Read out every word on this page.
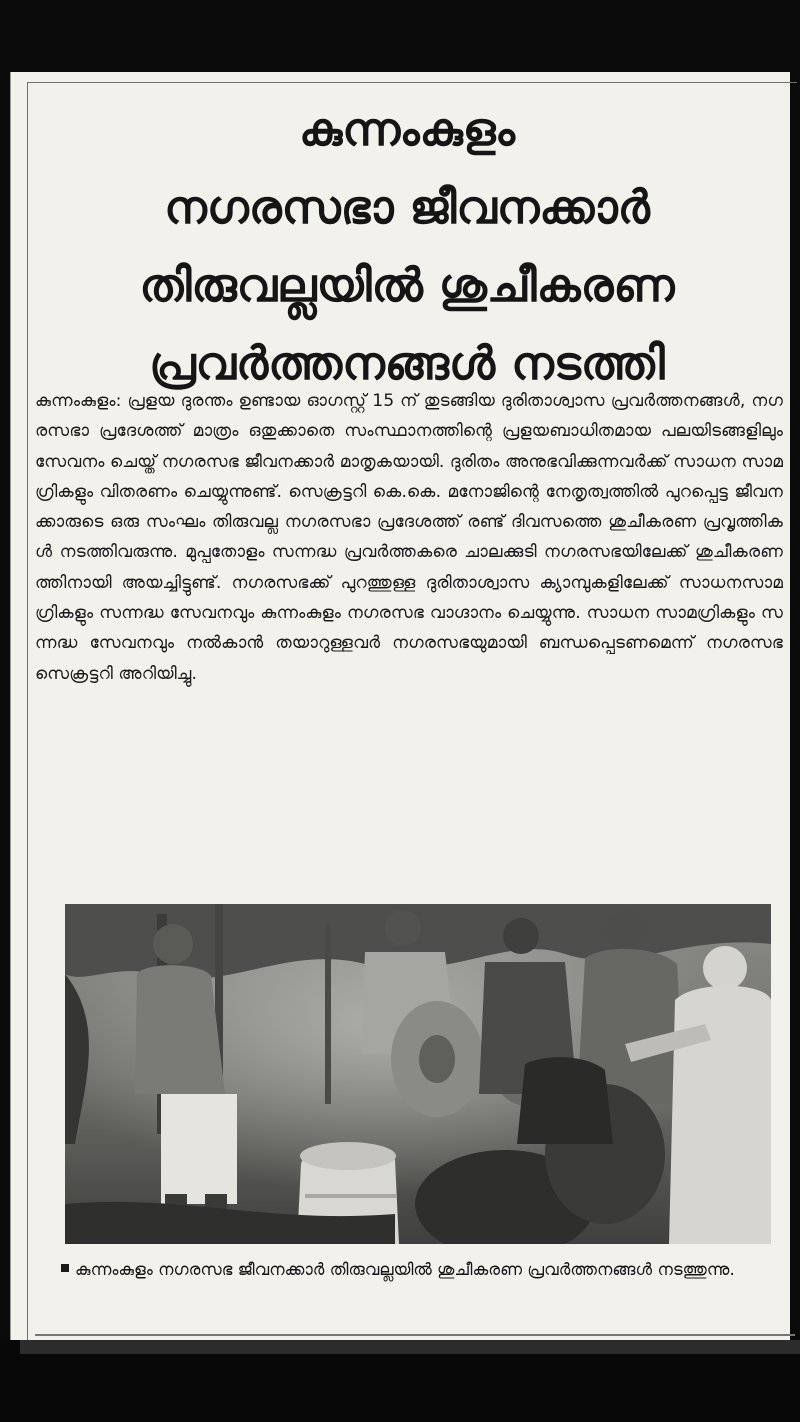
കുന്നംകുളം
നഗരസഭാ ജീവനക്കാർ
തിരുവല്ലയിൽ ശുചീകരണ
പ്രവർത്തനങ്ങൾ നടത്തി

കുന്നംകുളം: പ്രളയ ദുരന്തം ഉണ്ടായ ഓഗസ്റ്റ് 15 ന് തുടങ്ങിയ ദുരിതാശ്വാസ പ്രവർത്തനങ്ങൾ, നഗരസഭാ പ്രദേശത്ത് മാത്രം ഒതുക്കാതെ സംസ്ഥാനത്തിന്റെ പ്രളയബാധിതമായ പലയിടങ്ങളിലും സേവനം ചെയ്ത് നഗരസഭ ജീവനക്കാർ മാതൃകയായി. ദുരിതം അനുഭവിക്കുന്നവർക്ക് സാധന സാമഗ്രികളും വിതരണം ചെയ്യുന്നുണ്ട്. സെക്രട്ടറി കെ.കെ. മനോജിന്റെ നേതൃത്വത്തിൽ പുറപ്പെട്ട ജീവനക്കാരുടെ ഒരു സംഘം തിരുവല്ല നഗരസഭാ പ്രദേശത്ത് രണ്ട് ദിവസത്തെ ശുചീകരണ പ്രവൃത്തികൾ നടത്തിവരുന്നു. മുപ്പതോളം സന്നദ്ധ പ്രവർത്തകരെ ചാലക്കുടി നഗരസഭയിലേക്ക് ശുചീകരണത്തിനായി അയച്ചിട്ടുണ്ട്. നഗരസഭക്ക് പുറത്തുള്ള ദുരിതാശ്വാസ ക്യാമ്പുകളിലേക്ക് സാധനസാമഗ്രികളും സന്നദ്ധ സേവനവും കുന്നംകുളം നഗരസഭ വാഗ്ദാനം ചെയ്യുന്നു. സാധന സാമഗ്രികളും സന്നദ്ധ സേവനവും നൽകാൻ തയാറുള്ളവർ നഗരസഭയുമായി ബന്ധപ്പെടണമെന്ന് നഗരസഭ സെക്രട്ടറി അറിയിച്ചു.

കുന്നംകുളം നഗരസഭ ജീവനക്കാർ തിരുവല്ലയിൽ ശുചീകരണ പ്രവർത്തനങ്ങൾ നടത്തുന്നു.
